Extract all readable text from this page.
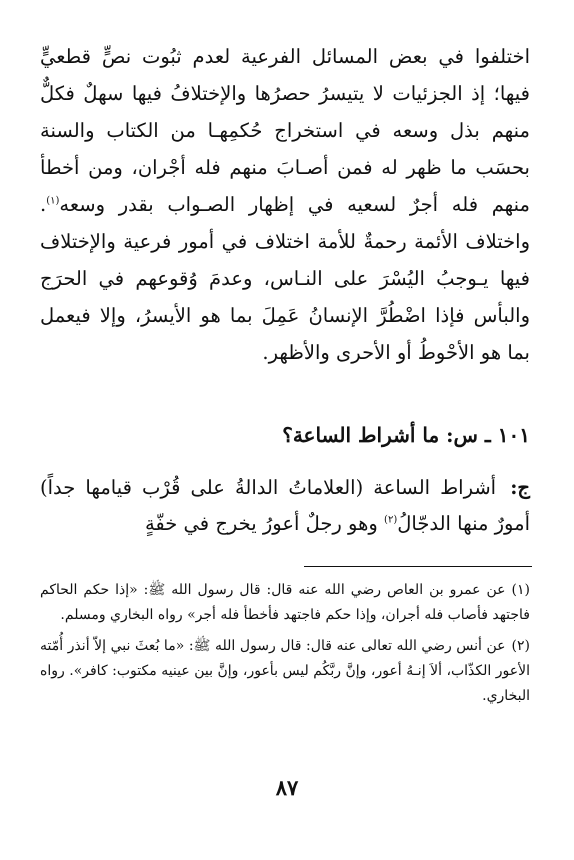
اختلفوا في بعض المسائل الفرعية لعدم ثبُوت نصٍّ قطعيٍّ فيها؛ إذ الجزئيات لا يتيسرُ حصرُها والإختلافُ فيها سهلٌ فكلٌّ منهم بذل وسعه في استخراج حُكمِهـا من الكتاب والسنة بحسَب ما ظهر له فمن أصـابَ منهم فله أجْران، ومن أخطأ منهم فله أجرٌ لسعيه في إظهار الصـواب بقدر وسعه$^{(١)}$. واختلاف الأئمة رحمةٌ للأمة اختلاف في أمور فرعية والإختلاف فيها يـوجبُ اليُسْرَ على النـاس، وعدمَ وُقوعهم في الحرَج والبأس فإذا اضْطُرَّ الإنسانُ عَمِلَ بما هو الأيسرُ، وإلا فيعمل بما هو الأحْوطُ أو الأحرى والأظهر.

١٠١ ـ س: ما أشراط الساعة؟
ج: أشراط الساعة (العلاماتُ الدالةُ على قُرْب قيامها جداً) أمورٌ منها الدجّالُ$^{(٢)}$ وهو رجلٌ أعورُ يخرج في خفّةٍ

(١)عن عمرو بن العاص رضي الله عنه قال: قال رسول الله ﷺ: «إذا حكم الحاكم فاجتهد فأصاب فله أجران، وإذا حكم فاجتهد فأخطأ فله أجر» رواه البخاري ومسلم.

(٢)عن أنس رضي الله تعالى عنه قال: قال رسول الله ﷺ: «ما بُعثَ نبي إلاّ أنذر أُمّته الأعور الكذّاب، ألاَ إنـهُ أعور، وإنَّ ربَّكُم ليس بأعور، وإنَّ بين عينيه مكتوب: كافر». رواه البخاري.

٨٧
